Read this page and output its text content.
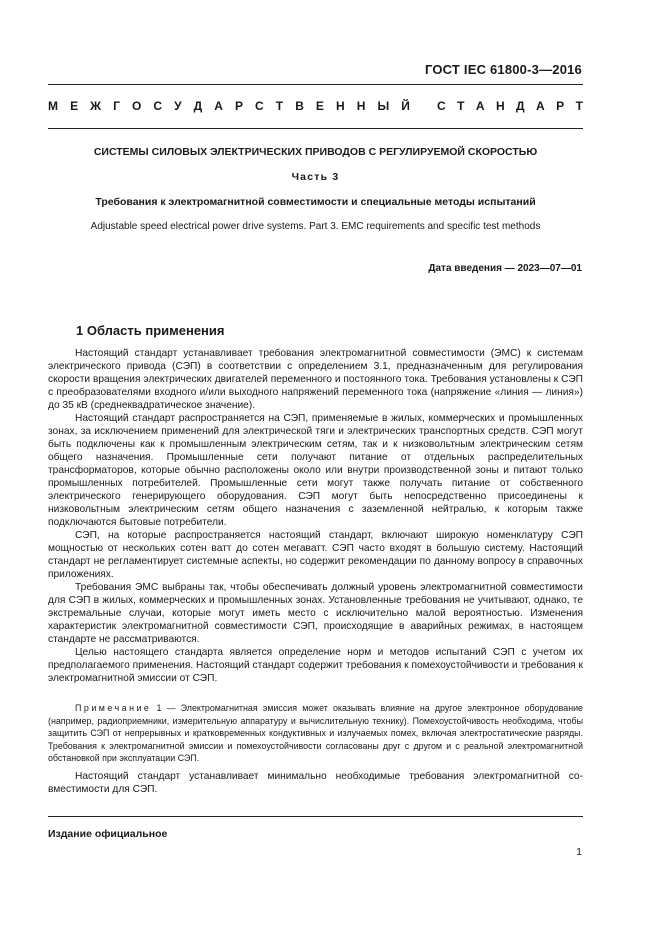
ГОСТ IEC 61800-3—2016
М Е Ж Г О С У Д А Р С Т В Е Н Н Ы Й С Т А Н Д А Р Т
СИСТЕМЫ СИЛОВЫХ ЭЛЕКТРИЧЕСКИХ ПРИВОДОВ С РЕГУЛИРУЕМОЙ СКОРОСТЬЮ
Часть 3
Требования к электромагнитной совместимости и специальные методы испытаний
Adjustable speed electrical power drive systems. Part 3. EMC requirements and specific test methods
Дата введения — 2023—07—01
1 Область применения

Настоящий стандарт устанавливает требования электромагнитной совместимости (ЭМС) к системам электрического привода (СЭП) в соответствии с определением 3.1, предназначенным для регулирования скорости вращения электрических двигателей переменного и постоянного тока. Требования установлены к СЭП с преобразователями входного и/или выходного напряжений переменного тока (напряжение «линия — линия») до 35 кВ (среднеквадратическое значение).

Настоящий стандарт распространяется на СЭП, применяемые в жилых, коммерческих и промышленных зонах, за исключением применений для электрической тяги и электрических транспортных средств. СЭП могут быть подключены как к промышленным электрическим сетям, так и к низковольтным электрическим сетям общего назначения. Промышленные сети получают питание от отдельных распределительных трансформаторов, которые обычно расположены около или внутри производственной зоны и питают только промышленных потребителей. Промышленные сети могут также получать питание от собственного электрического генерирующего оборудования. СЭП могут быть непосредственно присоединены к низковольтным электрическим сетям общего назначения с заземленной нейтралью, к которым также подключаются бытовые потребители.

СЭП, на которые распространяется настоящий стандарт, включают широкую номенклатуру СЭП мощностью от нескольких сотен ватт до сотен мегаватт. СЭП часто входят в большую систему. Настоящий стандарт не регламентирует системные аспекты, но содержит рекомендации по данному вопросу в справочных приложениях.

Требования ЭМС выбраны так, чтобы обеспечивать должный уровень электромагнитной совместимости для СЭП в жилых, коммерческих и промышленных зонах. Установленные требования не учитывают, однако, те экстремальные случаи, которые могут иметь место с исключительно малой вероятностью. Изменения характеристик электромагнитной совместимости СЭП, происходящие в аварийных режимах, в настоящем стандарте не рассматриваются.

Целью настоящего стандарта является определение норм и методов испытаний СЭП с учетом их предполагаемого применения. Настоящий стандарт содержит требования к помехоустойчивости и требования к электромагнитной эмиссии от СЭП.

Примечание 1 — Электромагнитная эмиссия может оказывать влияние на другое электронное оборудование (например, радиоприемники, измерительную аппаратуру и вычислительную технику). Помехоустойчивость необходима, чтобы защитить СЭП от непрерывных и кратковременных кондуктивных и излучаемых помех, включая электростатические разряды. Требования к электромагнитной эмиссии и помехоустойчивости согласованы друг с другом и с реальной электромагнитной обстановкой при эксплуатации СЭП.

Настоящий стандарт устанавливает минимально необходимые требования электромагнитной совместимости для СЭП.

Издание официальное
1
